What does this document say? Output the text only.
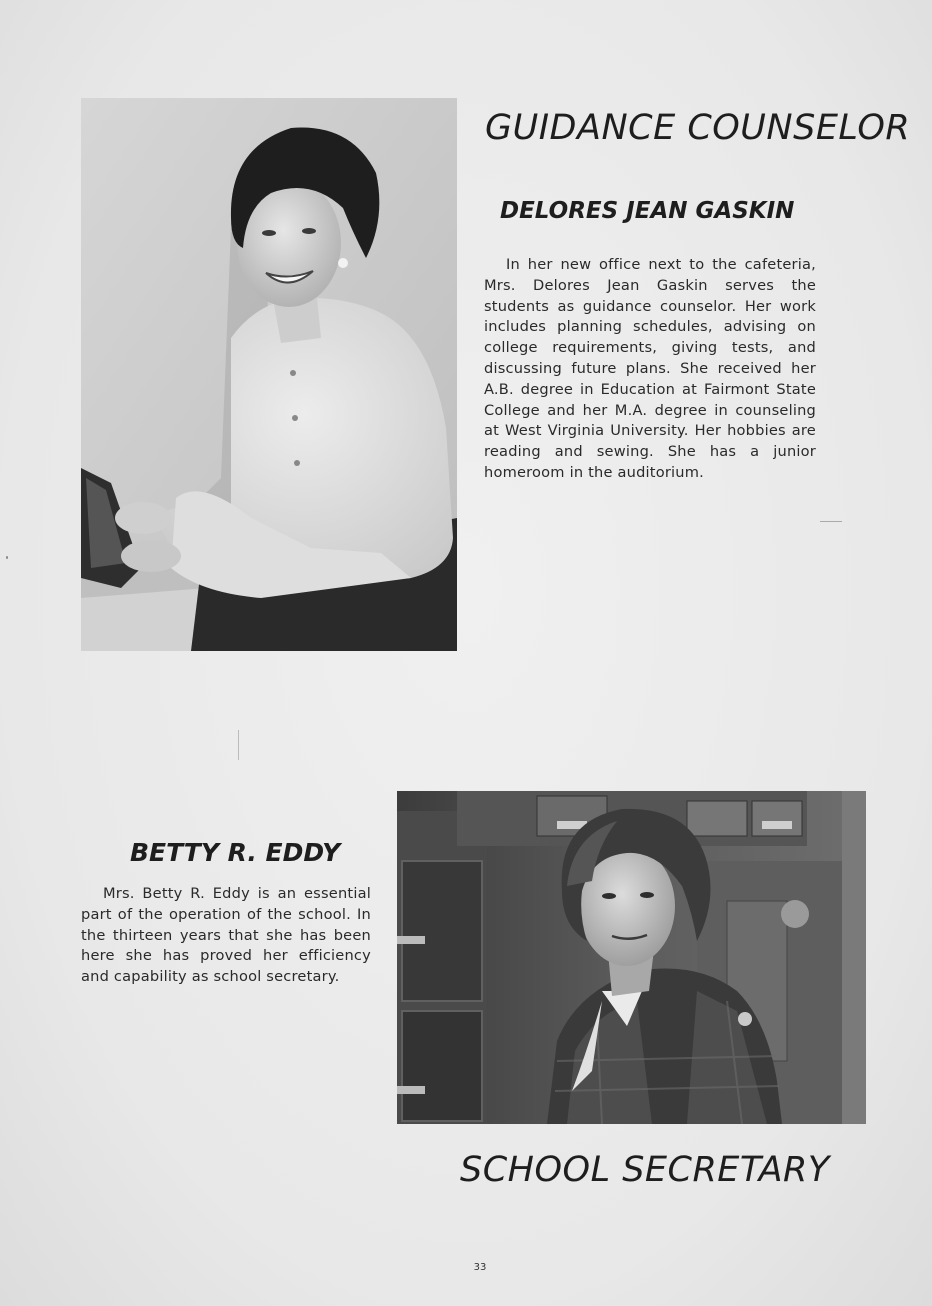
GUIDANCE COUNSELOR
DELORES JEAN GASKIN

In her new office next to the cafeteria, Mrs. Delores Jean Gaskin serves the students as guidance counselor. Her work includes planning schedules, advising on college requirements, giving tests, and discussing future plans. She received her A.B. degree in Education at Fairmont State College and her M.A. degree in counseling at West Virginia University. Her hobbies are reading and sewing. She has a junior homeroom in the auditorium.

BETTY R. EDDY

Mrs. Betty R. Eddy is an essential part of the operation of the school. In the thirteen years that she has been here she has proved her efficiency and capability as school secretary.

SCHOOL SECRETARY
33
